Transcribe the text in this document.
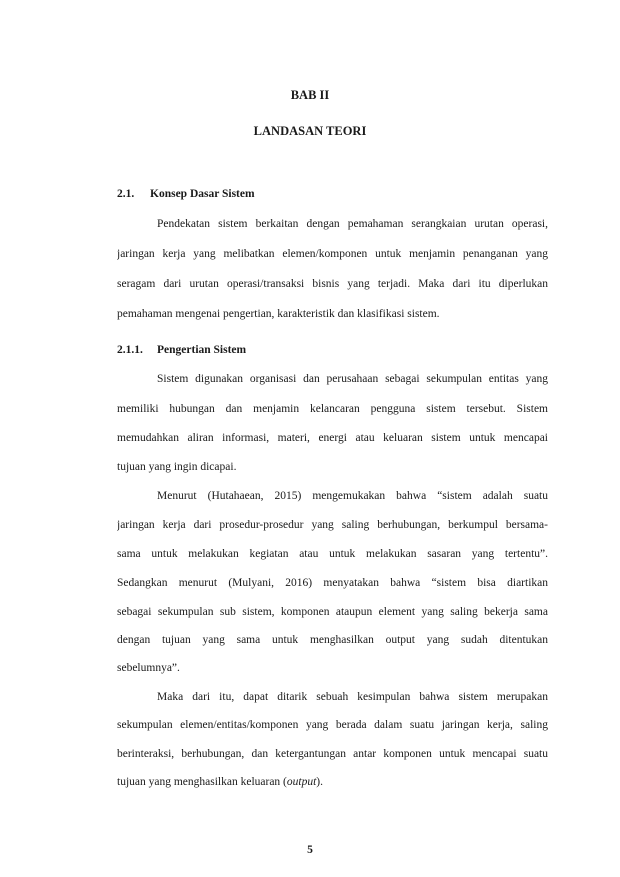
BAB II
LANDASAN TEORI
2.1. Konsep Dasar Sistem
Pendekatan sistem berkaitan dengan pemahaman serangkaian urutan operasi,
jaringan kerja yang melibatkan elemen/komponen untuk menjamin penanganan yang
seragam dari urutan operasi/transaksi bisnis yang terjadi. Maka dari itu diperlukan
pemahaman mengenai pengertian, karakteristik dan klasifikasi sistem.
2.1.1. Pengertian Sistem
Sistem digunakan organisasi dan perusahaan sebagai sekumpulan entitas yang
memiliki hubungan dan menjamin kelancaran pengguna sistem tersebut. Sistem
memudahkan aliran informasi, materi, energi atau keluaran sistem untuk mencapai
tujuan yang ingin dicapai.
Menurut (Hutahaean, 2015) mengemukakan bahwa “sistem adalah suatu
jaringan kerja dari prosedur-prosedur yang saling berhubungan, berkumpul bersama-
sama untuk melakukan kegiatan atau untuk melakukan sasaran yang tertentu”.
Sedangkan menurut (Mulyani, 2016) menyatakan bahwa “sistem bisa diartikan
sebagai sekumpulan sub sistem, komponen ataupun element yang saling bekerja sama
dengan tujuan yang sama untuk menghasilkan output yang sudah ditentukan
sebelumnya”.
Maka dari itu, dapat ditarik sebuah kesimpulan bahwa sistem merupakan
sekumpulan elemen/entitas/komponen yang berada dalam suatu jaringan kerja, saling
berinteraksi, berhubungan, dan ketergantungan antar komponen untuk mencapai suatu
tujuan yang menghasilkan keluaran (output).
5
